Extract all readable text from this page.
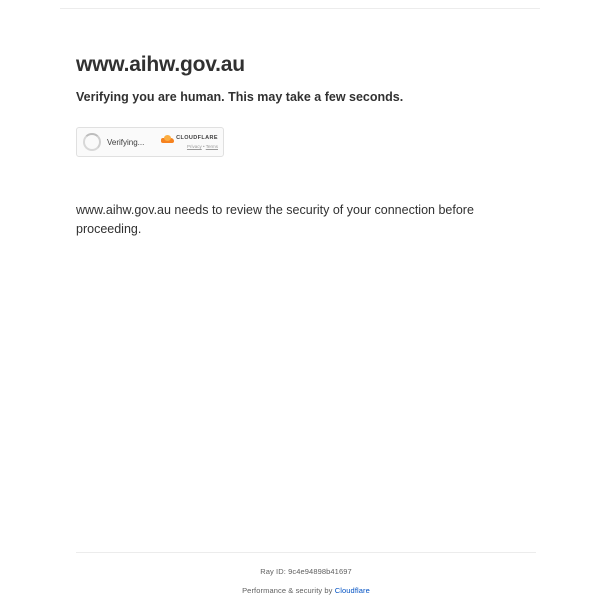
www.aihw.gov.au

Verifying you are human. This may take a few seconds.

Verifying...	CLOUDFLARE
Privacy • Terms

www.aihw.gov.au needs to review the security of your connection before proceeding.

Ray ID: 9c4e94898b41697
Performance & security by Cloudflare
